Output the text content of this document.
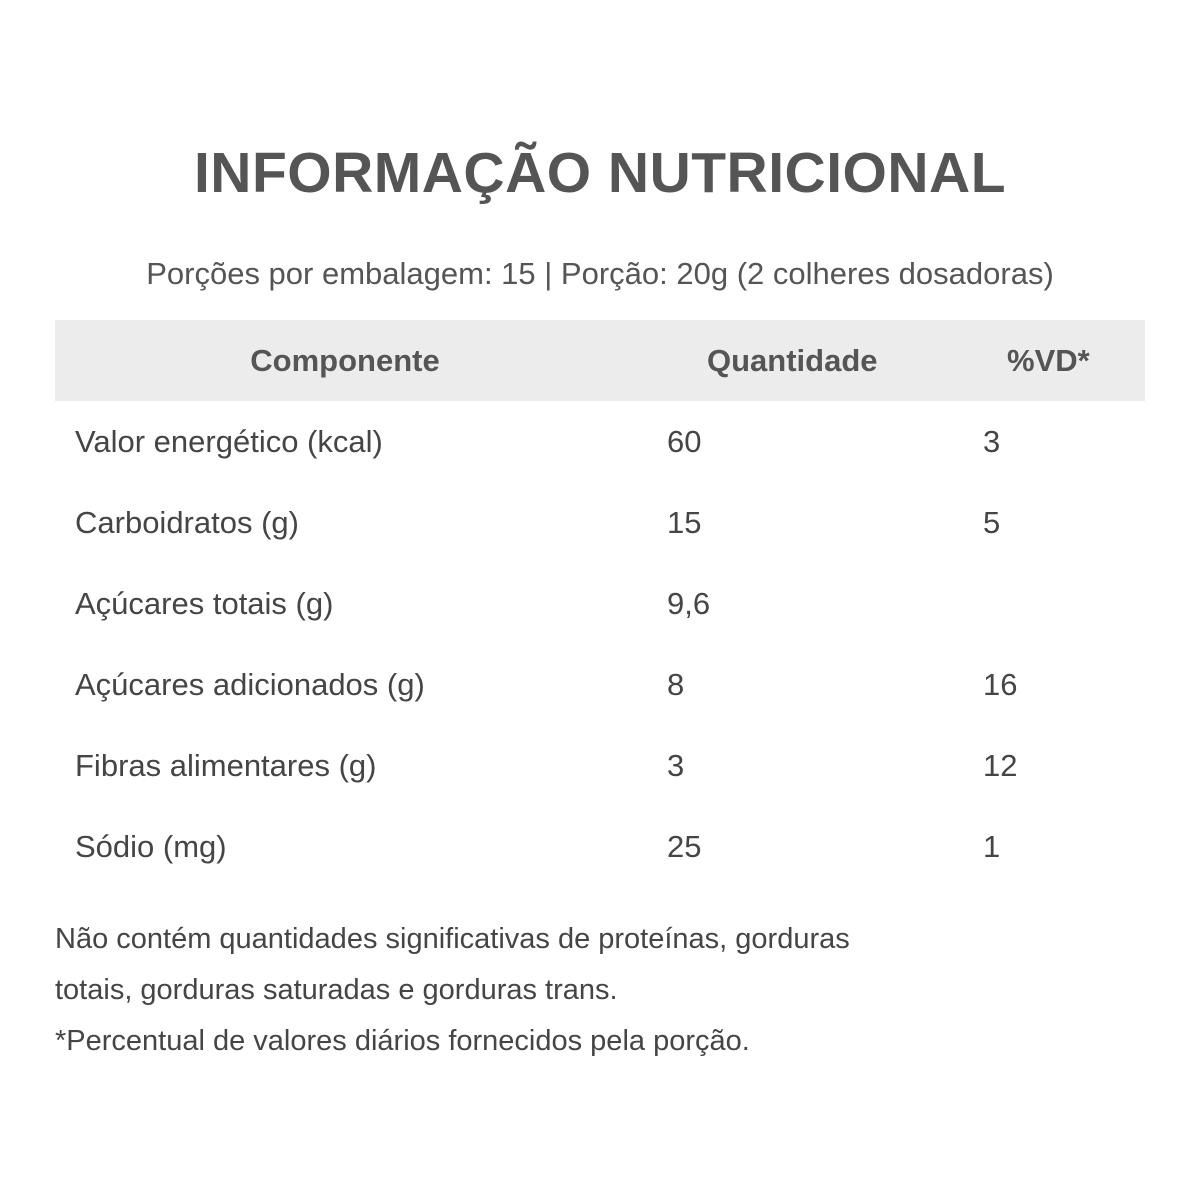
INFORMAÇÃO NUTRICIONAL
Porções por embalagem: 15 | Porção: 20g (2 colheres dosadoras)
Componente	Quantidade	%VD*
Valor energético (kcal)	60	3
Carboidratos (g)	15	5
Açúcares totais (g)	9,6
Açúcares adicionados (g)	8	16
Fibras alimentares (g)	3	12
Sódio (mg)	25	1
Não contém quantidades significativas de proteínas, gorduras
totais, gorduras saturadas e gorduras trans.
*Percentual de valores diários fornecidos pela porção.
